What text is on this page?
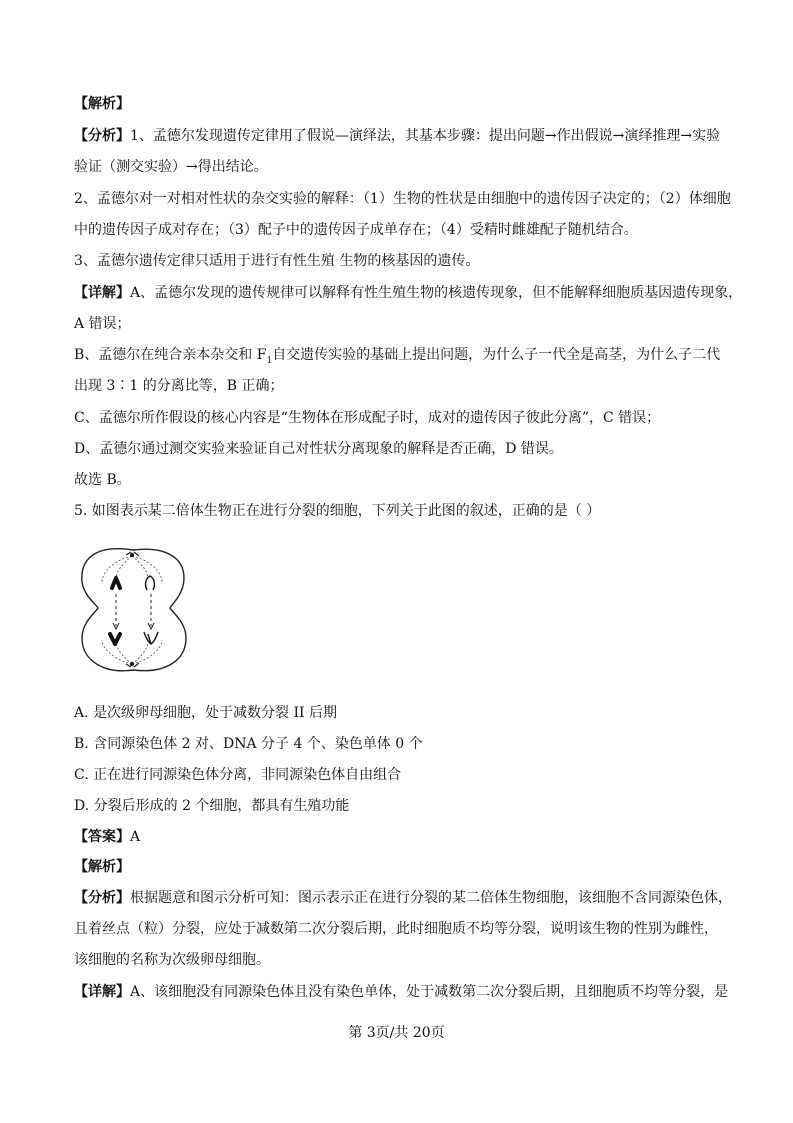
【解析】
【分析】1、孟德尔发现遗传定律用了假说—演绎法，其基本步骤：提出问题→作出假说→演绎推理→实验
验证（测交实验）→得出结论。
2、孟德尔对一对相对性状的杂交实验的解释：（1）生物的性状是由细胞中的遗传因子决定的；（2）体细胞
中的遗传因子成对存在；（3）配子中的遗传因子成单存在；（4）受精时雌雄配子随机结合。
3、孟德尔遗传定律只适用于进行有性生殖 生物的核基因的遗传。
【详解】A、孟德尔发现的遗传规律可以解释有性生殖生物的核遗传现象，但不能解释细胞质基因遗传现象，
A 错误；
B、孟德尔在纯合亲本杂交和 $F_1$自交遗传实验的基础上提出问题，为什么子一代全是高茎，为什么子二代
出现 3∶1 的分离比等，B 正确；
C、孟德尔所作假设的核心内容是“生物体在形成配子时，成对的遗传因子彼此分离”，C 错误；
D、孟德尔通过测交实验来验证自己对性状分离现象的解释是否正确，D 错误。
故选 B。
5. 如图表示某二倍体生物正在进行分裂的细胞，下列关于此图的叙述，正确的是（ ）
A. 是次级卵母细胞，处于减数分裂 II 后期
B. 含同源染色体 2 对、DNA 分子 4 个、染色单体 0 个
C. 正在进行同源染色体分离，非同源染色体自由组合
D. 分裂后形成的 2 个细胞，都具有生殖功能
【答案】A
【解析】
【分析】根据题意和图示分析可知：图示表示正在进行分裂的某二倍体生物细胞，该细胞不含同源染色体，
且着丝点（粒）分裂，应处于减数第二次分裂后期，此时细胞质不均等分裂，说明该生物的性别为雌性，
该细胞的名称为次级卵母细胞。
【详解】A、该细胞没有同源染色体且没有染色单体，处于减数第二次分裂后期，且细胞质不均等分裂，是
第 3页/共 20页
